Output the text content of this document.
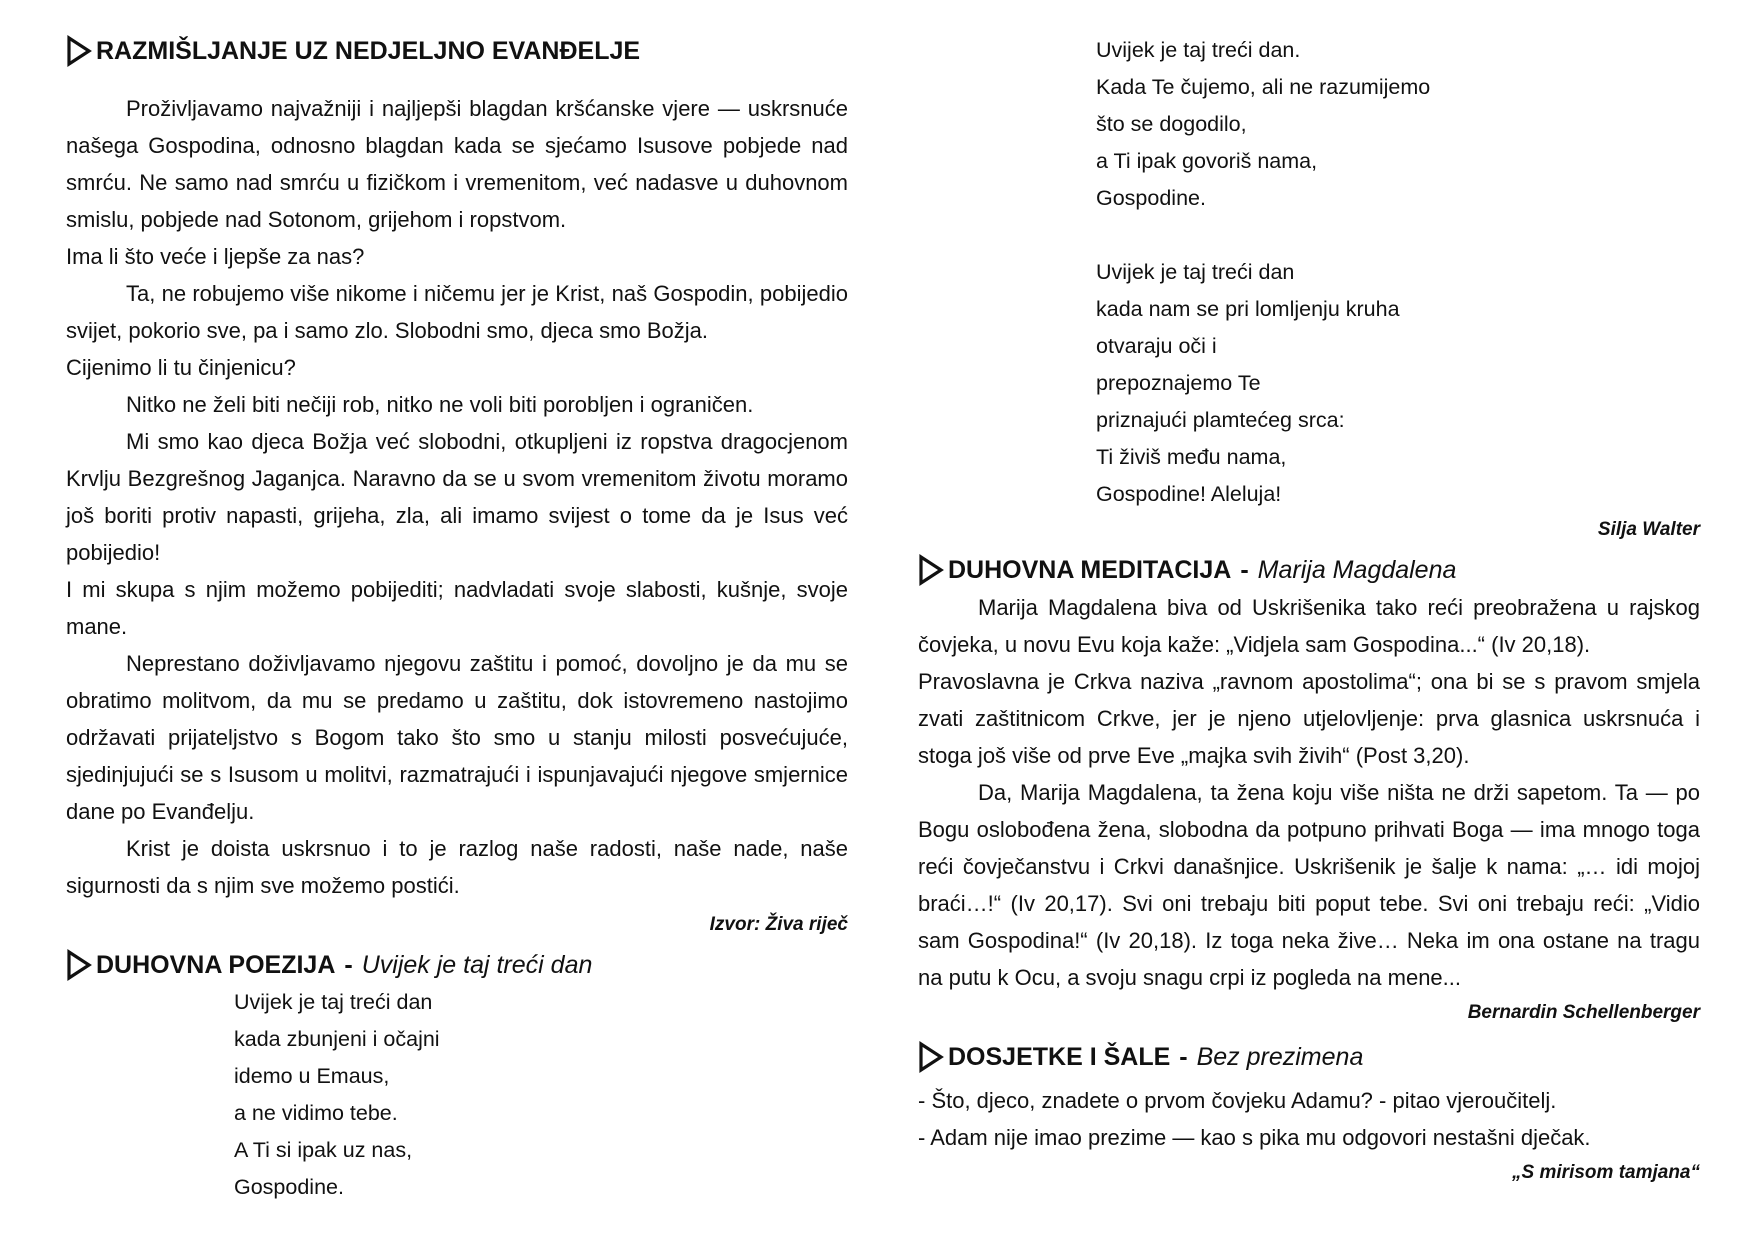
RAZMIŠLJANJE UZ NEDJELJNO EVANĐELJE

Proživljavamo najvažniji i najljepši blagdan kršćanske vjere — uskrsnuće našega Gospodina, odnosno blagdan kada se sjećamo Isusove pobjede nad smrću. Ne samo nad smrću u fizičkom i vremenitom, već nadasve u duhovnom smislu, pobjede nad Sotonom, grijehom i ropstvom.

Ima li što veće i ljepše za nas?

Ta, ne robujemo više nikome i ničemu jer je Krist, naš Gospodin, pobijedio svijet, pokorio sve, pa i samo zlo. Slobodni smo, djeca smo Božja.

Cijenimo li tu činjenicu?

Nitko ne želi biti nečiji rob, nitko ne voli biti porobljen i ograničen.

Mi smo kao djeca Božja već slobodni, otkupljeni iz ropstva dragocjenom Krvlju Bezgrešnog Jaganjca. Naravno da se u svom vremenitom životu moramo još boriti protiv napasti, grijeha, zla, ali imamo svijest o tome da je Isus već pobijedio!

I mi skupa s njim možemo pobijediti; nadvladati svoje slabosti, kušnje, svoje mane.

Neprestano doživljavamo njegovu zaštitu i pomoć, dovoljno je da mu se obratimo molitvom, da mu se predamo u zaštitu, dok istovremeno nastojimo održavati prijateljstvo s Bogom tako što smo u stanju milosti posvećujuće, sjedinjujući se s Isusom u molitvi, razmatrajući i ispunjavajući njegove smjernice dane po Evanđelju.

Krist je doista uskrsnuo i to je razlog naše radosti, naše nade, naše sigurnosti da s njim sve možemo postići.

Izvor: Živa riječ

DUHOVNA POEZIJA - Uvijek je taj treći dan
Uvijek je taj treći dan
kada zbunjeni i očajni
idemo u Emaus,
a ne vidimo tebe.
A Ti si ipak uz nas,
Gospodine.
Uvijek je taj treći dan.
Kada Te čujemo, ali ne razumijemo
što se dogodilo,
a Ti ipak govoriš nama,
Gospodine.
Uvijek je taj treći dan
kada nam se pri lomljenju kruha
otvaraju oči i
prepoznajemo Te
priznajući plamtećeg srca:
Ti živiš među nama,
Gospodine! Aleluja!

Silja Walter

DUHOVNA MEDITACIJA - Marija Magdalena

Marija Magdalena biva od Uskrišenika tako reći preobražena u rajskog čovjeka, u novu Evu koja kaže: „Vidjela sam Gospodina...“ (Iv 20,18).

Pravoslavna je Crkva naziva „ravnom apostolima“; ona bi se s pravom smjela zvati zaštitnicom Crkve, jer je njeno utjelovljenje: prva glasnica uskrsnuća i stoga još više od prve Eve „majka svih živih“ (Post 3,20).

Da, Marija Magdalena, ta žena koju više ništa ne drži sapetom. Ta — po Bogu oslobođena žena, slobodna da potpuno prihvati Boga — ima mnogo toga reći čovječanstvu i Crkvi današnjice. Uskrišenik je šalje k nama: „… idi mojoj braći…!“ (Iv 20,17). Svi oni trebaju biti poput tebe. Svi oni trebaju reći: „Vidio sam Gospodina!“ (Iv 20,18). Iz toga neka žive… Neka im ona ostane na tragu na putu k Ocu, a svoju snagu crpi iz pogleda na mene...

Bernardin Schellenberger

DOSJETKE I ŠALE - Bez prezimena

- Što, djeco, znadete o prvom čovjeku Adamu? - pitao vjeroučitelj.

- Adam nije imao prezime — kao s pika mu odgovori nestašni dječak.

„S mirisom tamjana“
